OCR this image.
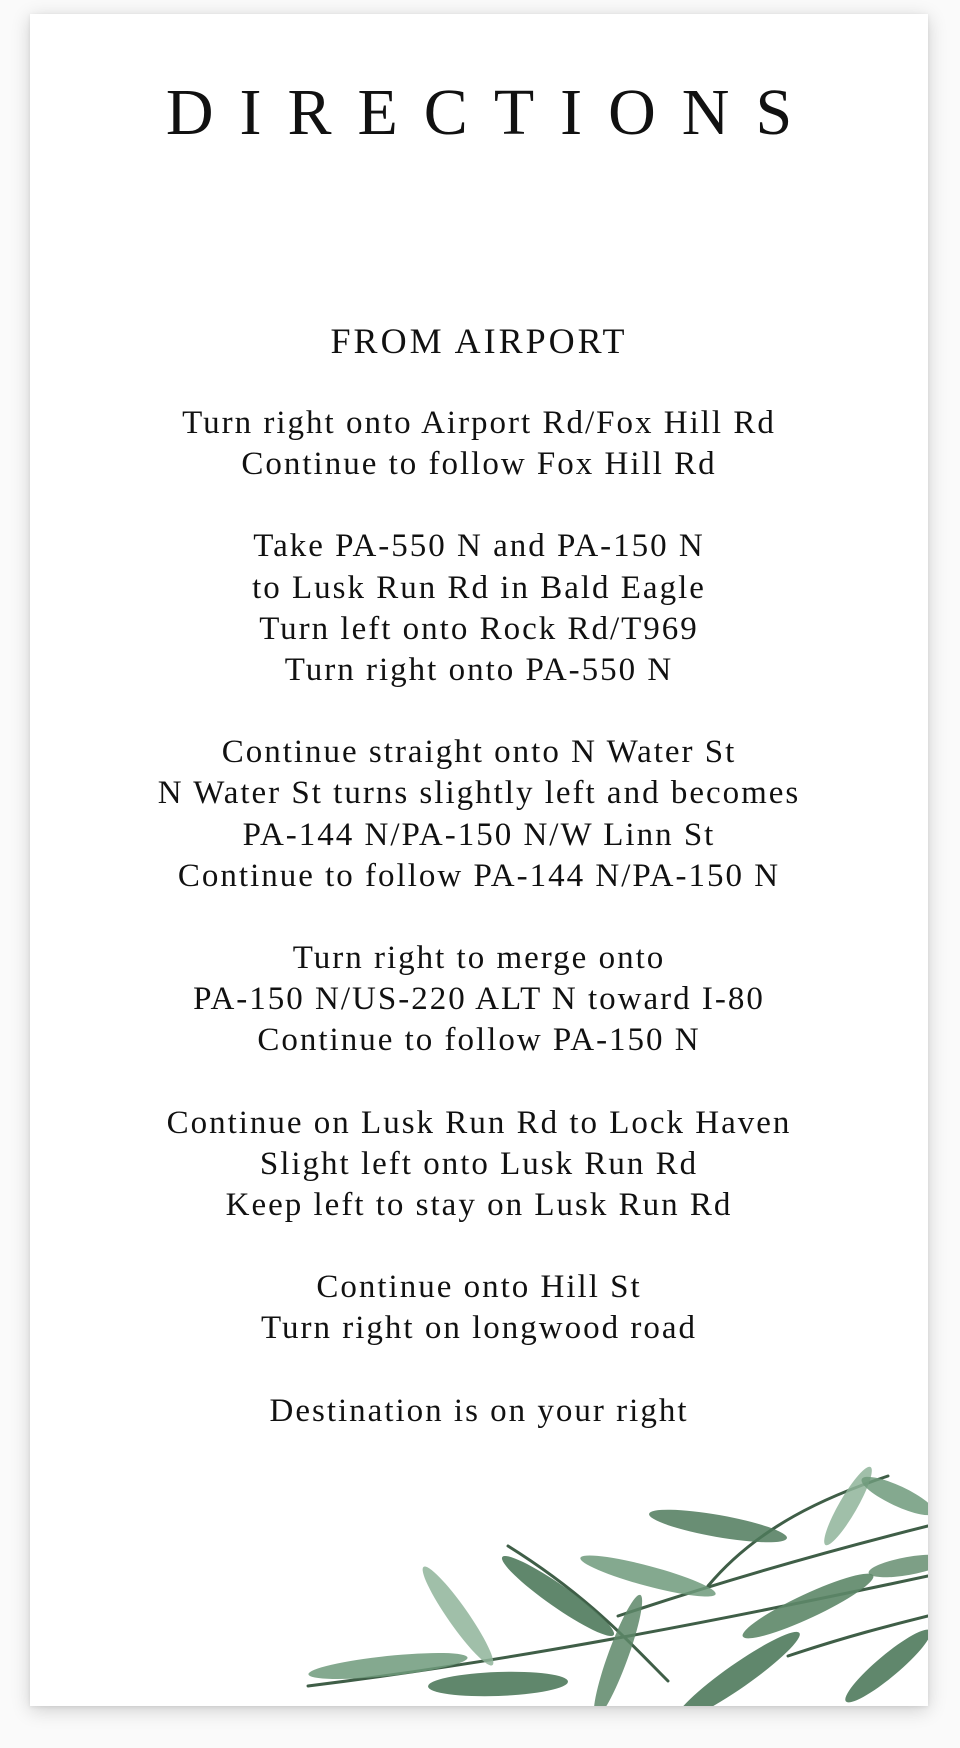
DIRECTIONS
FROM AIRPORT
Turn right onto Airport Rd/Fox Hill Rd
Continue to follow Fox Hill Rd
Take PA-550 N and PA-150 N
to Lusk Run Rd in Bald Eagle
Turn left onto Rock Rd/T969
Turn right onto PA-550 N
Continue straight onto N Water St
N Water St turns slightly left and becomes
PA-144 N/PA-150 N/W Linn St
Continue to follow PA-144 N/PA-150 N
Turn right to merge onto
PA-150 N/US-220 ALT N toward I-80
Continue to follow PA-150 N
Continue on Lusk Run Rd to Lock Haven
Slight left onto Lusk Run Rd
Keep left to stay on Lusk Run Rd
Continue onto Hill St
Turn right on longwood road
Destination is on your right
